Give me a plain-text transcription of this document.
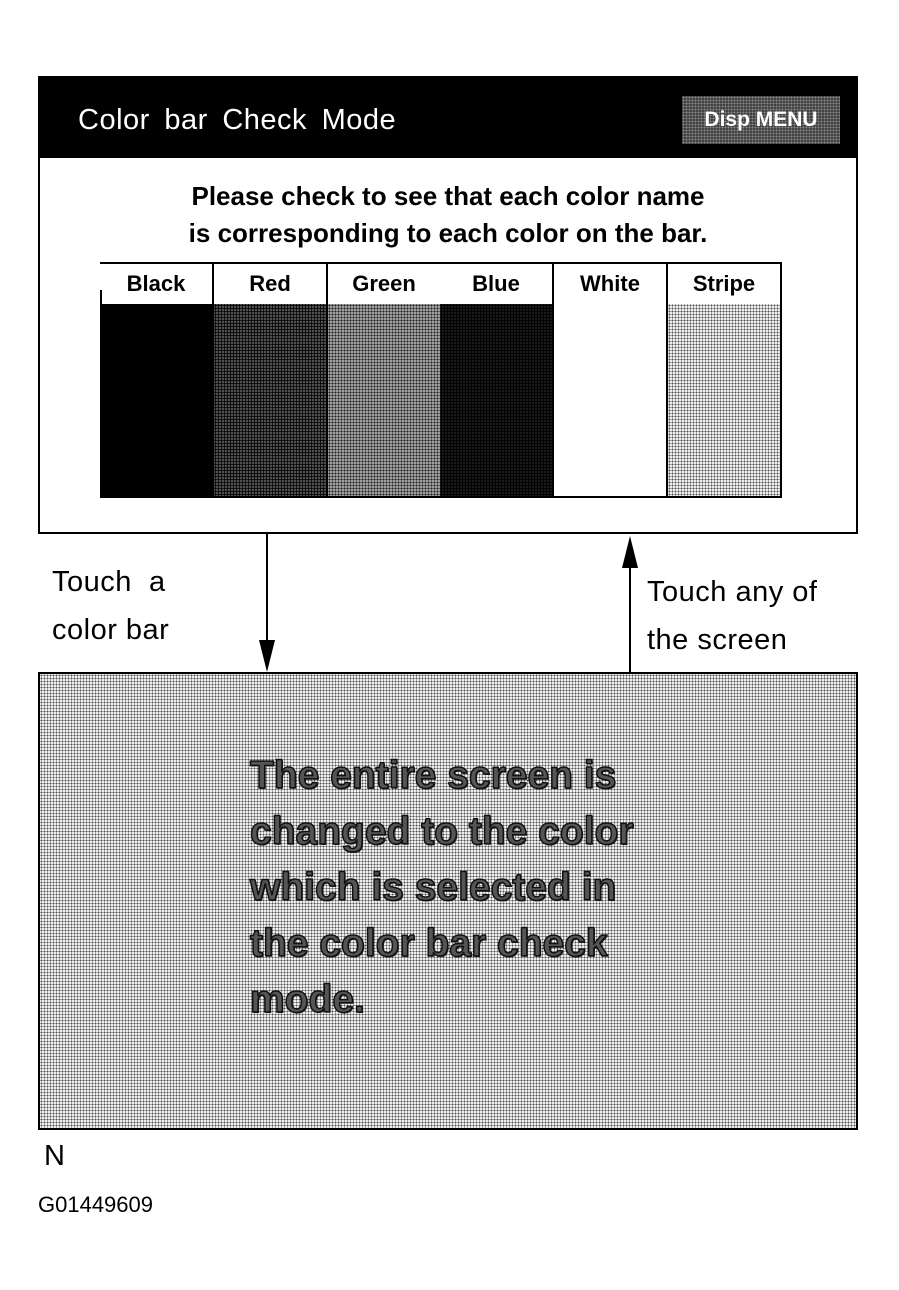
Color bar Check Mode	Disp MENU
Please check to see that each color name
is corresponding to each color on the bar.
Black	Red	Green	Blue	White	Stripe
Touch  a
color bar
Touch any of
the screen
The entire screen is
changed to the color
which is selected in
the color bar check
mode.
N
G01449609
